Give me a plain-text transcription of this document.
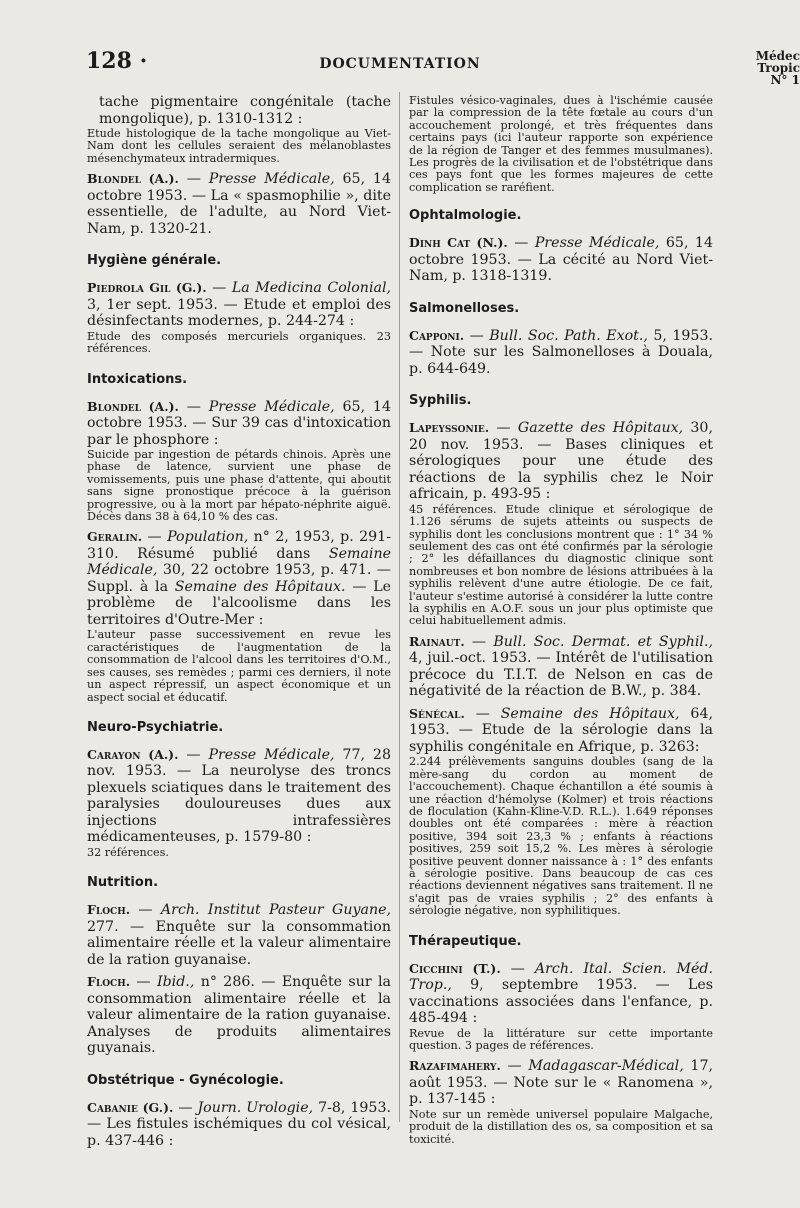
128 ·	DOCUMENTATION	Médec
Tropic
N° 1
tache pigmentaire congénitale (tache mongolique), p. 1310-1312 :
Etude histologique de la tache mongolique au Viet-Nam dont les cellules seraient des mélanoblastes mésenchymateux intradermiques.
Blondel (A.). — Presse Médicale, 65, 14 octobre 1953. — La « spasmophilie », dite essentielle, de l'adulte, au Nord Viet-Nam, p. 1320-21.
Hygiène générale.
Piedrola Gil (G.). — La Medicina Colonial, 3, 1er sept. 1953. — Etude et emploi des désinfectants modernes, p. 244-274 :
Etude des composés mercuriels organiques. 23 références.
Intoxications.
Blondel (A.). — Presse Médicale, 65, 14 octobre 1953. — Sur 39 cas d'intoxication par le phosphore :
Suicide par ingestion de pétards chinois. Après une phase de latence, survient une phase de vomissements, puis une phase d'attente, qui aboutit sans signe pronostique précoce à la guérison progressive, ou à la mort par hépato-néphrite aiguë. Décès dans 38 à 64,10 % des cas.
Geralin. — Population, n° 2, 1953, p. 291-310. Résumé publié dans Semaine Médicale, 30, 22 octobre 1953, p. 471. — Suppl. à la Semaine des Hôpitaux. — Le problème de l'alcoolisme dans les territoires d'Outre-Mer :
L'auteur passe successivement en revue les caractéristiques de l'augmentation de la consommation de l'alcool dans les territoires d'O.M., ses causes, ses remèdes ; parmi ces derniers, il note un aspect répressif, un aspect économique et un aspect social et éducatif.
Neuro-Psychiatrie.
Carayon (A.). — Presse Médicale, 77, 28 nov. 1953. — La neurolyse des troncs plexuels sciatiques dans le traitement des paralysies douloureuses dues aux injections intrafessières médicamenteuses, p. 1579-80 :
32 références.
Nutrition.
Floch. — Arch. Institut Pasteur Guyane, 277. — Enquête sur la consommation alimentaire réelle et la valeur alimentaire de la ration guyanaise.
Floch. — Ibid., n° 286. — Enquête sur la consommation alimentaire réelle et la valeur alimentaire de la ration guyanaise. Analyses de produits alimentaires guyanais.
Obstétrique - Gynécologie.
Cabanie (G.). — Journ. Urologie, 7-8, 1953. — Les fistules ischémiques du col vésical, p. 437-446 :
Fistules vésico-vaginales, dues à l'ischémie causée par la compression de la tête fœtale au cours d'un accouchement prolongé, et très fréquentes dans certains pays (ici l'auteur rapporte son expérience de la région de Tanger et des femmes musulmanes). Les progrès de la civilisation et de l'obstétrique dans ces pays font que les formes majeures de cette complication se raréfient.
Ophtalmologie.
Dinh Cat (N.). — Presse Médicale, 65, 14 octobre 1953. — La cécité au Nord Viet-Nam, p. 1318-1319.
Salmonelloses.
Capponi. — Bull. Soc. Path. Exot., 5, 1953. — Note sur les Salmonelloses à Douala, p. 644-649.
Syphilis.
Lapeyssonie. — Gazette des Hôpitaux, 30, 20 nov. 1953. — Bases cliniques et sérologiques pour une étude des réactions de la syphilis chez le Noir africain, p. 493-95 :
45 références. Etude clinique et sérologique de 1.126 sérums de sujets atteints ou suspects de syphilis dont les conclusions montrent que : 1° 34 % seulement des cas ont été confirmés par la sérologie ; 2° les défaillances du diagnostic clinique sont nombreuses et bon nombre de lésions attribuées à la syphilis relèvent d'une autre étiologie. De ce fait, l'auteur s'estime autorisé à considérer la lutte contre la syphilis en A.O.F. sous un jour plus optimiste que celui habituellement admis.
Rainaut. — Bull. Soc. Dermat. et Syphil., 4, juil.-oct. 1953. — Intérêt de l'utilisation précoce du T.I.T. de Nelson en cas de négativité de la réaction de B.W., p. 384.
Sénécal. — Semaine des Hôpitaux, 64, 1953. — Etude de la sérologie dans la syphilis congénitale en Afrique, p. 3263:
2.244 prélèvements sanguins doubles (sang de la mère-sang du cordon au moment de l'accouchement). Chaque échantillon a été soumis à une réaction d'hémolyse (Kolmer) et trois réactions de floculation (Kahn-Kline-V.D. R.L.). 1.649 réponses doubles ont été comparées : mère à réaction positive, 394 soit 23,3 % ; enfants à réactions positives, 259 soit 15,2 %. Les mères à sérologie positive peuvent donner naissance à : 1° des enfants à sérologie positive. Dans beaucoup de cas ces réactions deviennent négatives sans traitement. Il ne s'agit pas de vraies syphilis ; 2° des enfants à sérologie négative, non syphilitiques.
Thérapeutique.
Cicchini (T.). — Arch. Ital. Scien. Méd. Trop., 9, septembre 1953. — Les vaccinations associées dans l'enfance, p. 485-494 :
Revue de la littérature sur cette importante question. 3 pages de références.
Razafimahery. — Madagascar-Médical, 17, août 1953. — Note sur le « Ranomena », p. 137-145 :
Note sur un remède universel populaire Malgache, produit de la distillation des os, sa composition et sa toxicité.
